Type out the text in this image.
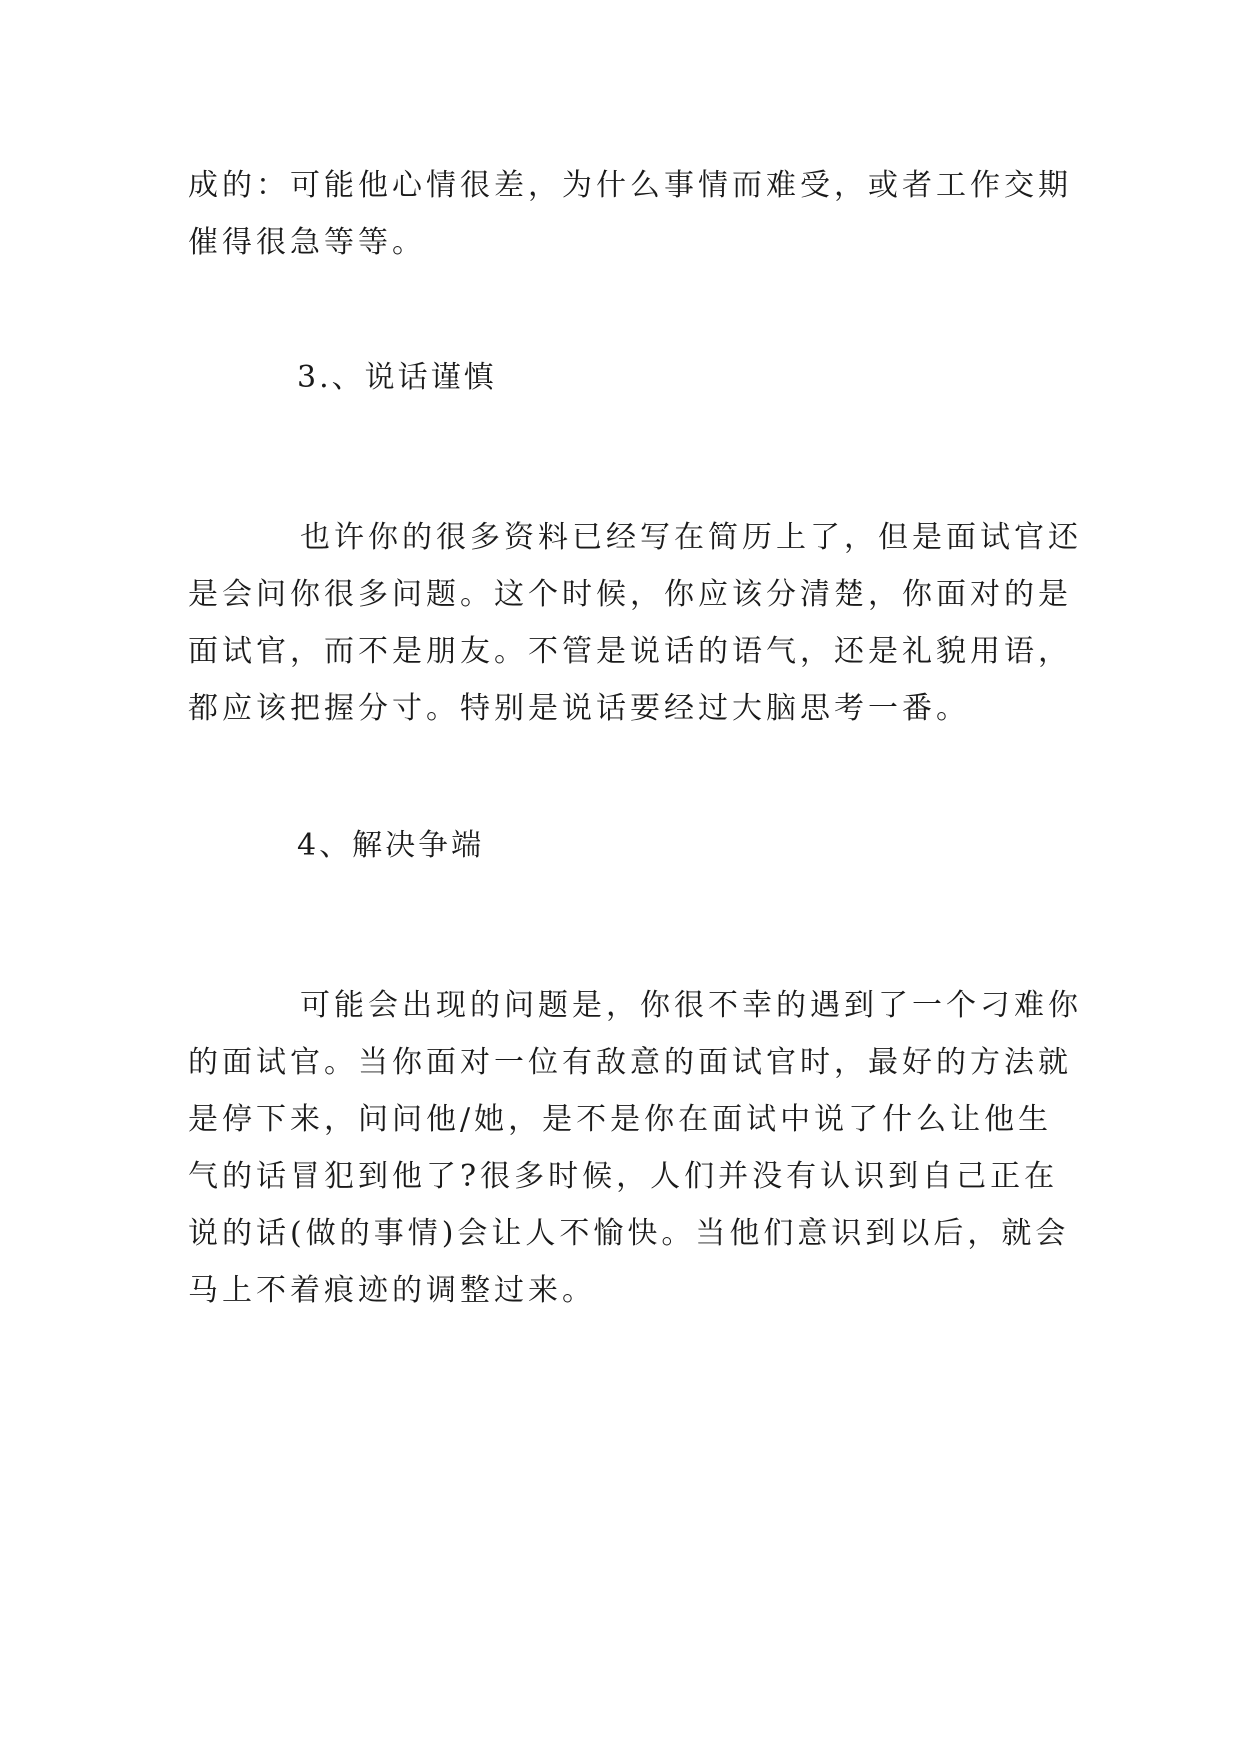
成的：可能他心情很差，为什么事情而难受，或者工作交期
催得很急等等。
3.、说话谨慎
也许你的很多资料已经写在简历上了，但是面试官还
是会问你很多问题。这个时候，你应该分清楚，你面对的是
面试官，而不是朋友。不管是说话的语气，还是礼貌用语，
都应该把握分寸。特别是说话要经过大脑思考一番。
4、解决争端
可能会出现的问题是，你很不幸的遇到了一个刁难你
的面试官。当你面对一位有敌意的面试官时，最好的方法就
是停下来，问问他/她，是不是你在面试中说了什么让他生
气的话冒犯到他了?很多时候，人们并没有认识到自己正在
说的话(做的事情)会让人不愉快。当他们意识到以后，就会
马上不着痕迹的调整过来。
